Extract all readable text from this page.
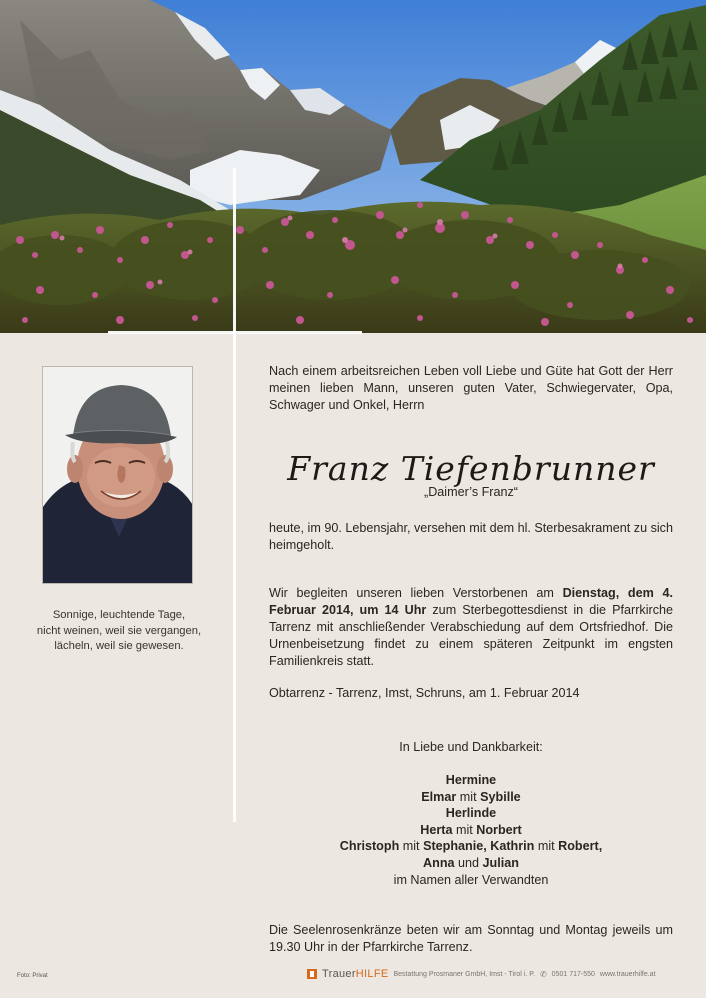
Sonnige, leuchtende Tage,
nicht weinen, weil sie vergangen,
lächeln, weil sie gewesen.

Nach einem arbeitsreichen Leben voll Liebe und Güte hat Gott der Herr meinen lieben Mann, unseren guten Vater, Schwiegervater, Opa, Schwager und Onkel, Herrn

Franz Tiefenbrunner
„Daimer’s Franz“

heute, im 90. Lebensjahr, versehen mit dem hl. Sterbesakrament zu sich heimgeholt.

Wir begleiten unseren lieben Verstorbenen am Dienstag, dem 4. Februar 2014, um 14 Uhr zum Sterbegottesdienst in die Pfarrkirche Tarrenz mit anschließender Verabschiedung auf dem Ortsfriedhof. Die Urnenbeisetzung findet zu einem späteren Zeitpunkt im engsten Familienkreis statt.

Obtarrenz - Tarrenz, Imst, Schruns, am 1. Februar 2014

In Liebe und Dankbarkeit:

Hermine
Elmar mit Sybille
Herlinde
Herta mit Norbert
Christoph mit Stephanie, Kathrin mit Robert,
Anna und Julian
im Namen aller Verwandten

Die Seelenrosenkränze beten wir am Sonntag und Montag jeweils um 19.30 Uhr in der Pfarrkirche Tarrenz.

Foto: Privat	TrauerHILFE Bestattung Prosmaner GmbH, Imst - Tirol i. P. ✆ 0501 717-550 www.trauerhilfe.at
